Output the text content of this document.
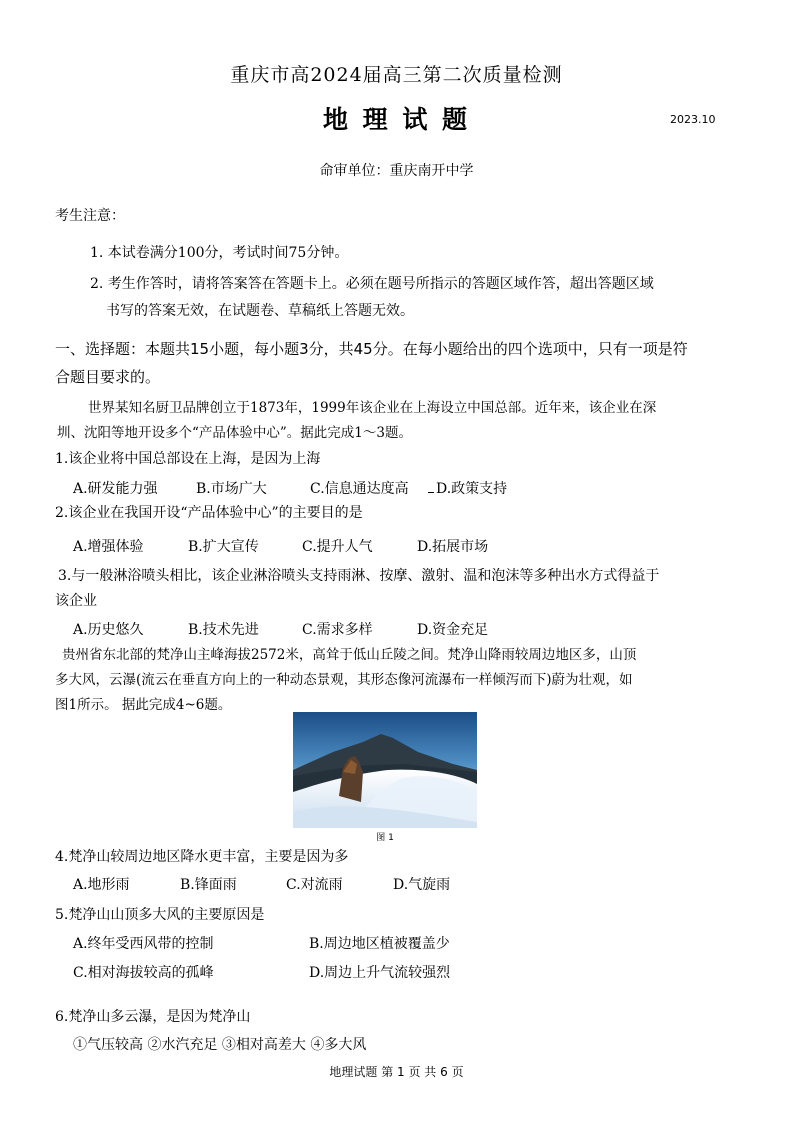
重庆市高2024届高三第二次质量检测
地 理 试 题	2023.10
命审单位：重庆南开中学
考生注意：
1. 本试卷满分100分，考试时间75分钟。
2. 考生作答时，请将答案答在答题卡上。必须在题号所指示的答题区域作答，超出答题区域
书写的答案无效，在试题卷、草稿纸上答题无效。
一、选择题：本题共15小题，每小题3分，共45分。在每小题给出的四个选项中，只有一项是符
合题目要求的。
世界某知名厨卫品牌创立于1873年，1999年该企业在上海设立中国总部。近年来，该企业在深
圳、沈阳等地开设多个“产品体验中心”。据此完成1～3题。
1.该企业将中国总部设在上海，是因为上海
A.研发能力强	B.市场广大	C.信息通达度高	D.政策支持
2.该企业在我国开设“产品体验中心”的主要目的是
A.增强体验	B.扩大宣传	C.提升人气	D.拓展市场
3.与一般淋浴喷头相比，该企业淋浴喷头支持雨淋、按摩、激射、温和泡沫等多种出水方式得益于
该企业
A.历史悠久	B.技术先进	C.需求多样	D.资金充足
贵州省东北部的梵净山主峰海拔2572米，高耸于低山丘陵之间。梵净山降雨较周边地区多，山顶
多大风，云瀑(流云在垂直方向上的一种动态景观，其形态像河流瀑布一样倾泻而下)蔚为壮观，如
图1所示。 据此完成4~6题。
图 1
4.梵净山较周边地区降水更丰富，主要是因为多
A.地形雨	B.锋面雨	C.对流雨	D.气旋雨
5.梵净山山顶多大风的主要原因是
A.终年受西风带的控制	B.周边地区植被覆盖少
C.相对海拔较高的孤峰	D.周边上升气流较强烈
6.梵净山多云瀑，是因为梵净山
①气压较高 ②水汽充足 ③相对高差大 ④多大风
地理试题 第 1 页 共 6 页
